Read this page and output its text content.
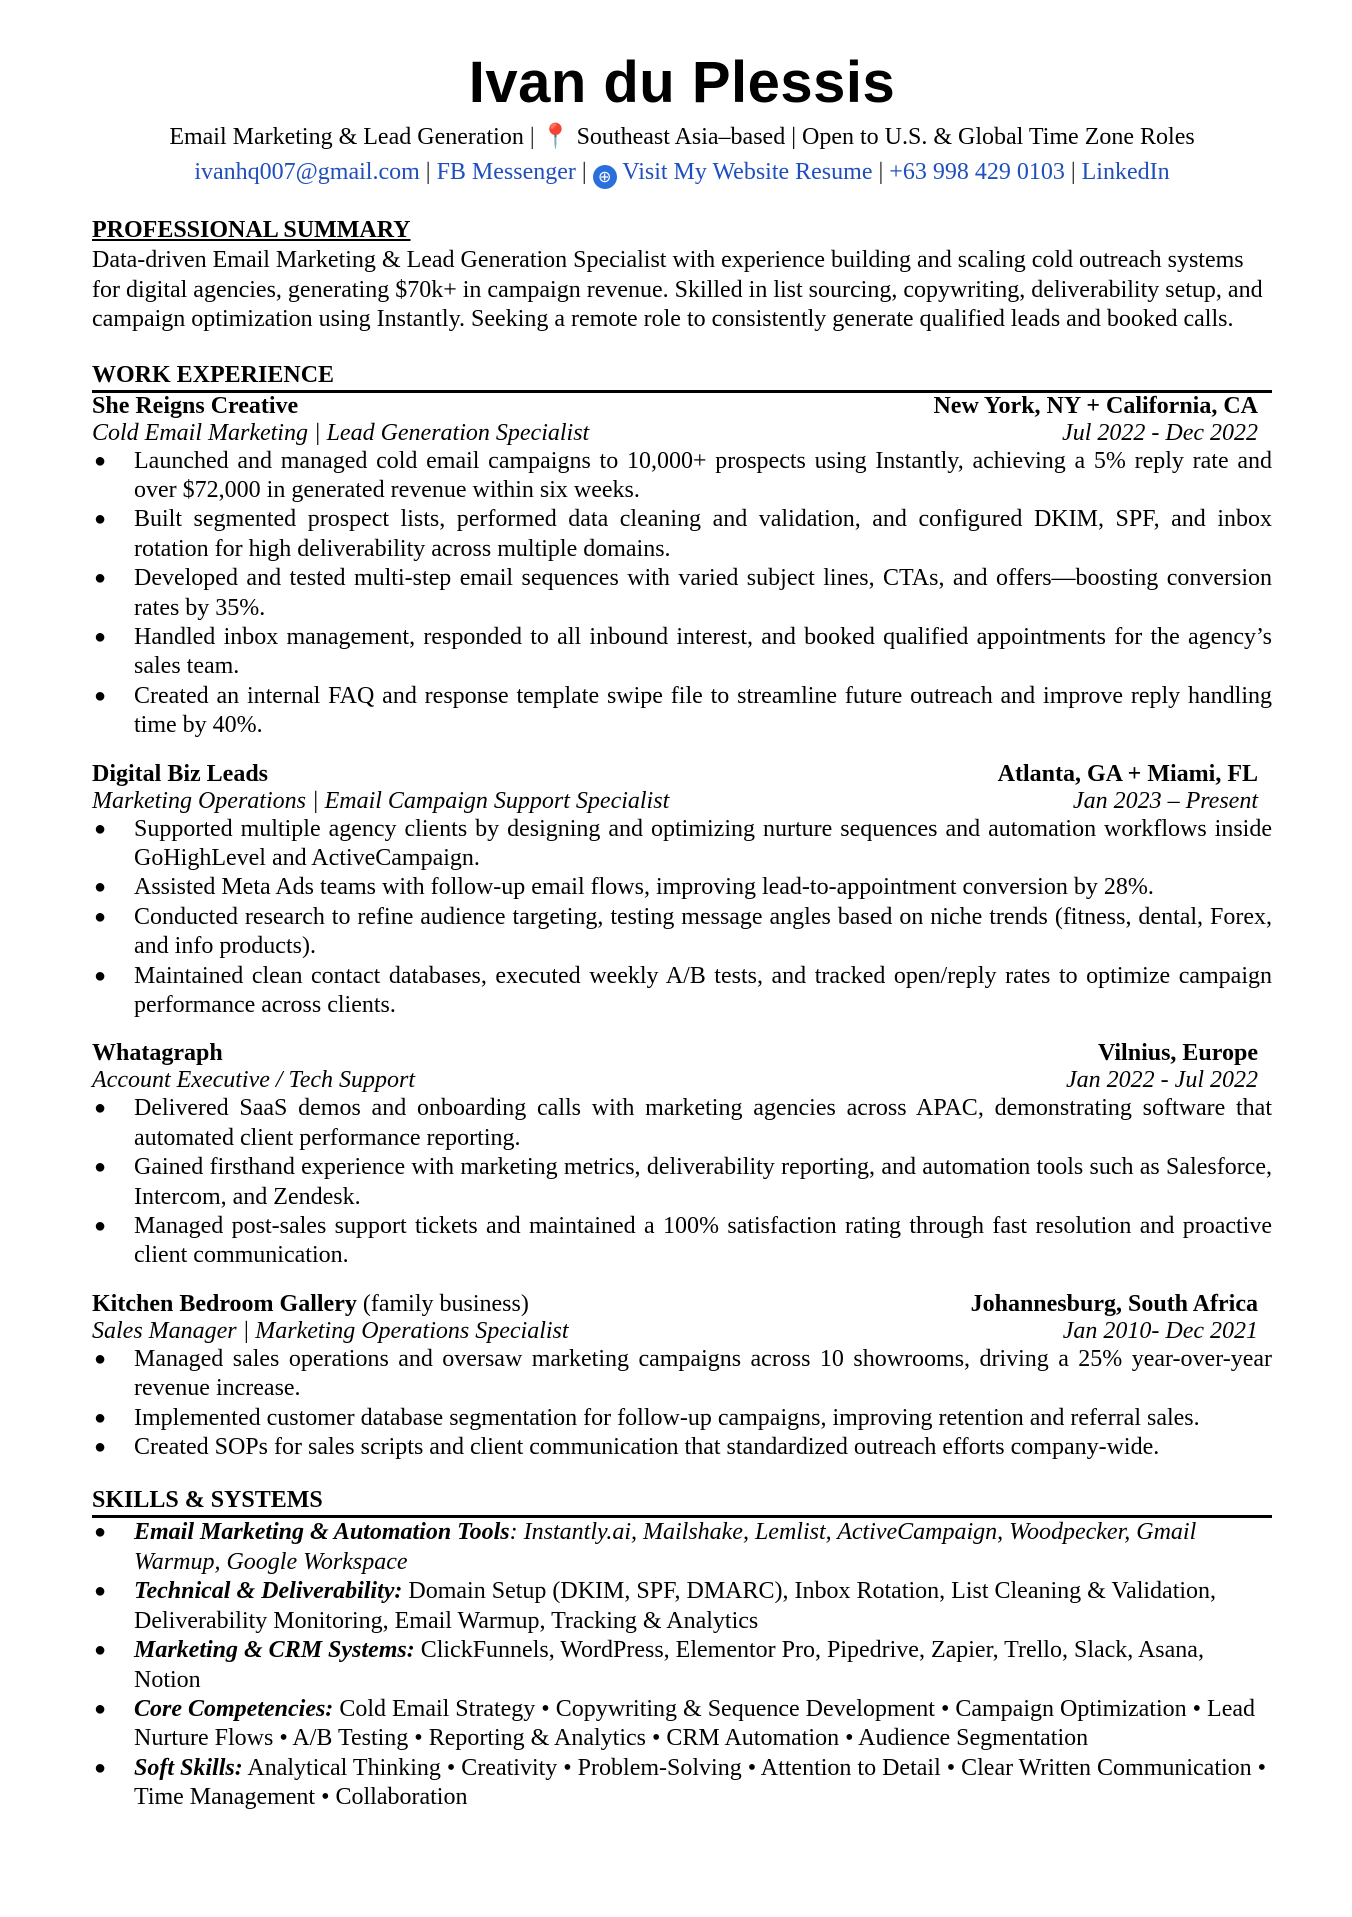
Ivan du Plessis
Email Marketing & Lead Generation | 📍 Southeast Asia–based | Open to U.S. & Global Time Zone Roles
ivanhq007@gmail.com | FB Messenger | ⊕ Visit My Website Resume | +63 998 429 0103 | LinkedIn
PROFESSIONAL SUMMARY
Data-driven Email Marketing & Lead Generation Specialist with experience building and scaling cold outreach systems for digital agencies, generating $70k+ in campaign revenue. Skilled in list sourcing, copywriting, deliverability setup, and campaign optimization using Instantly. Seeking a remote role to consistently generate qualified leads and booked calls.
WORK EXPERIENCE
She Reigns Creative	New York, NY + California, CA
Cold Email Marketing | Lead Generation Specialist	Jul 2022 - Dec 2022
● Launched and managed cold email campaigns to 10,000+ prospects using Instantly, achieving a 5% reply rate and over $72,000 in generated revenue within six weeks.
● Built segmented prospect lists, performed data cleaning and validation, and configured DKIM, SPF, and inbox rotation for high deliverability across multiple domains.
● Developed and tested multi-step email sequences with varied subject lines, CTAs, and offers—boosting conversion rates by 35%.
● Handled inbox management, responded to all inbound interest, and booked qualified appointments for the agency’s sales team.
● Created an internal FAQ and response template swipe file to streamline future outreach and improve reply handling time by 40%.
Digital Biz Leads	Atlanta, GA + Miami, FL
Marketing Operations | Email Campaign Support Specialist	Jan 2023 – Present
● Supported multiple agency clients by designing and optimizing nurture sequences and automation workflows inside GoHighLevel and ActiveCampaign.
● Assisted Meta Ads teams with follow-up email flows, improving lead-to-appointment conversion by 28%.
● Conducted research to refine audience targeting, testing message angles based on niche trends (fitness, dental, Forex, and info products).
● Maintained clean contact databases, executed weekly A/B tests, and tracked open/reply rates to optimize campaign performance across clients.
Whatagraph	Vilnius, Europe
Account Executive / Tech Support	Jan 2022 - Jul 2022
● Delivered SaaS demos and onboarding calls with marketing agencies across APAC, demonstrating software that automated client performance reporting.
● Gained firsthand experience with marketing metrics, deliverability reporting, and automation tools such as Salesforce, Intercom, and Zendesk.
● Managed post-sales support tickets and maintained a 100% satisfaction rating through fast resolution and proactive client communication.
Kitchen Bedroom Gallery (family business)	Johannesburg, South Africa
Sales Manager | Marketing Operations Specialist	Jan 2010- Dec 2021
● Managed sales operations and oversaw marketing campaigns across 10 showrooms, driving a 25% year-over-year revenue increase.
● Implemented customer database segmentation for follow-up campaigns, improving retention and referral sales.
● Created SOPs for sales scripts and client communication that standardized outreach efforts company-wide.
SKILLS & SYSTEMS
● Email Marketing & Automation Tools: Instantly.ai, Mailshake, Lemlist, ActiveCampaign, Woodpecker, Gmail Warmup, Google Workspace
● Technical & Deliverability: Domain Setup (DKIM, SPF, DMARC), Inbox Rotation, List Cleaning & Validation, Deliverability Monitoring, Email Warmup, Tracking & Analytics
● Marketing & CRM Systems: ClickFunnels, WordPress, Elementor Pro, Pipedrive, Zapier, Trello, Slack, Asana, Notion
● Core Competencies: Cold Email Strategy • Copywriting & Sequence Development • Campaign Optimization • Lead Nurture Flows • A/B Testing • Reporting & Analytics • CRM Automation • Audience Segmentation
● Soft Skills: Analytical Thinking • Creativity • Problem-Solving • Attention to Detail • Clear Written Communication • Time Management • Collaboration
